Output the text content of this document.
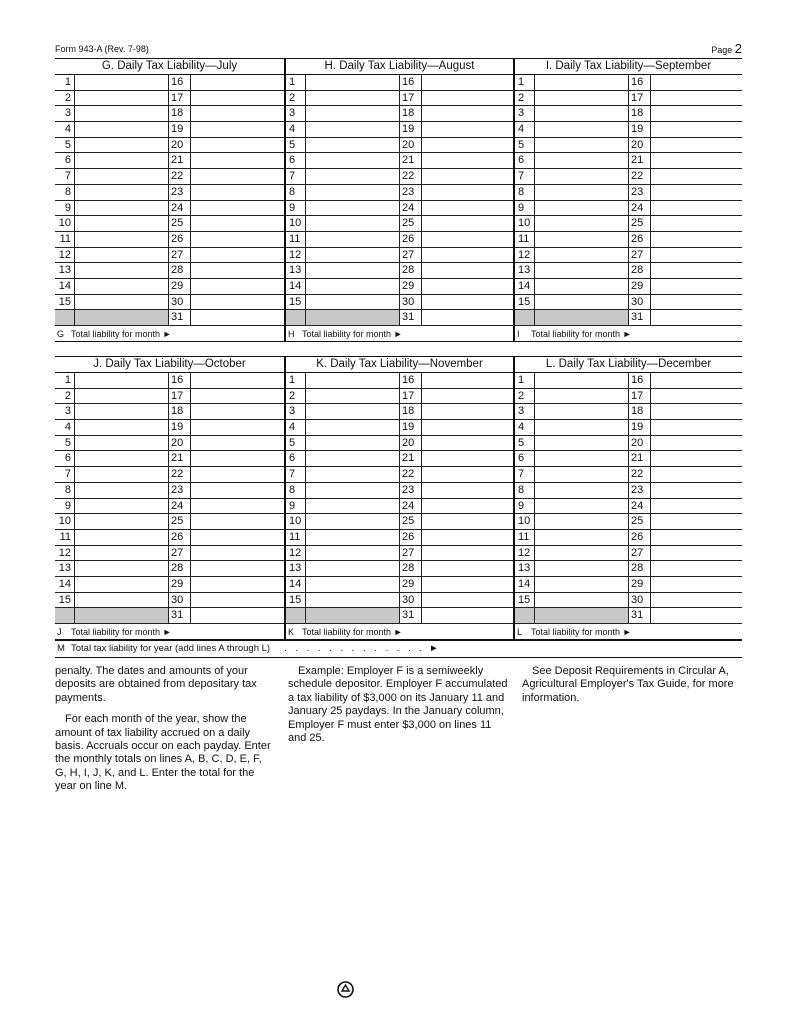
Form 943-A (Rev. 7-98)	Page 2
G. Daily Tax Liability—July
1	16
2	17
3	18
4	19
5	20
6	21
7	22
8	23
9	24
10	25
11	26
12	27
13	28
14	29
15	30
31
G Total liability for month ►
H. Daily Tax Liability—August
1	16
2	17
3	18
4	19
5	20
6	21
7	22
8	23
9	24
10	25
11	26
12	27
13	28
14	29
15	30
31
H Total liability for month ►
I. Daily Tax Liability—September
1	16
2	17
3	18
4	19
5	20
6	21
7	22
8	23
9	24
10	25
11	26
12	27
13	28
14	29
15	30
31
I Total liability for month ►
J. Daily Tax Liability—October
1	16
2	17
3	18
4	19
5	20
6	21
7	22
8	23
9	24
10	25
11	26
12	27
13	28
14	29
15	30
31
J Total liability for month ►
K. Daily Tax Liability—November
1	16
2	17
3	18
4	19
5	20
6	21
7	22
8	23
9	24
10	25
11	26
12	27
13	28
14	29
15	30
31
K Total liability for month ►
L. Daily Tax Liability—December
1	16
2	17
3	18
4	19
5	20
6	21
7	22
8	23
9	24
10	25
11	26
12	27
13	28
14	29
15	30
31
L Total liability for month ►
M Total tax liability for year (add lines A through L) . . . . . . . . . . . . . ►

penalty. The dates and amounts of your deposits are obtained from depositary tax payments.

For each month of the year, show the amount of tax liability accrued on a daily basis. Accruals occur on each payday. Enter the monthly totals on lines A, B, C, D, E, F, G, H, I, J, K, and L. Enter the total for the year on line M.

Example: Employer F is a semiweekly schedule depositor. Employer F accumulated a tax liability of $3,000 on its January 11 and January 25 paydays. In the January column, Employer F must enter $3,000 on lines 11 and 25.

See Deposit Requirements in Circular A, Agricultural Employer's Tax Guide, for more information.
